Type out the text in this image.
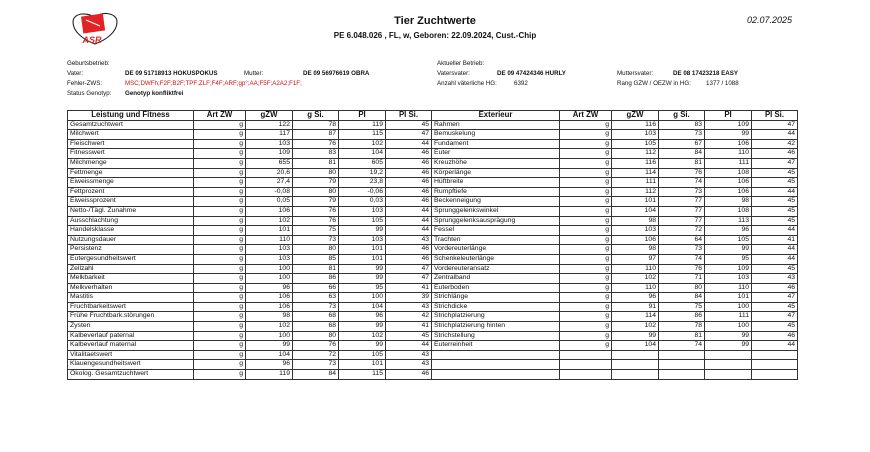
ASR
Tier Zuchtwerte
PE 6.048.026 , FL, w, Geboren: 22.09.2024, Cust.-Chip
02.07.2025
Geburtsbetrieb:	Aktueller Betrieb:
Vater:	DE 09 51718913 HOKUSPOKUS	Mutter:	DE 09 56976619 OBRA	Vatersvater:	DE 09 47424346 HURLY	Muttersvater:	DE 08 17423218 EASY
Fehler-ZWS:	MSC;DWFh;F2F;B2F;TPF;ZLF;F4F;ARF;gp°;AA;F5F;A2A2;F1F;	Anzahl väterliche HG:	6392	Rang GZW / OEZW in HG: 1377 / 1088
Status Genotyp: Genotyp konfliktfrei
Leistung und Fitness	Art ZW	gZW	g Si.	PI	PI Si.
Gesamtzuchtwert	g	122	78	119	45
Milchwert	g	117	87	115	47
Fleischwert	g	103	76	102	44
Fitnesswert	g	109	83	104	46
Milchmenge	g	655	81	605	46
Fettmenge	g	20,6	80	19,2	46
Eiweissmenge	g	27,4	79	23,8	46
Fettprozent	g	-0,08	80	-0,06	46
Eiweissprozent	g	0,05	79	0,03	46
Netto-/Tägl. Zunahme	g	106	76	103	44
Ausschlachtung	g	102	76	105	44
Handelsklasse	g	101	75	99	44
Nutzungsdauer	g	110	73	103	43
Persistenz	g	103	80	101	46
Eutergesundheitswert	g	103	85	101	46
Zellzahl	g	100	81	99	47
Melkbarkeit	g	100	86	99	47
Melkverhalten	g	96	66	95	41
Mastitis	g	106	63	100	39
Fruchtbarkeitswert	g	106	73	104	43
Frühe Fruchtbark.störungen	g	98	68	96	42
Zysten	g	102	68	99	41
Kalbeverlauf paternal	g	100	80	102	45
Kalbeverlauf maternal	g	99	76	99	44
Vitalitaetswert	g	104	72	105	43
Klauengesundheitswert	g	96	73	101	43
Ökolog. Gesamtzuchtwert	g	119	84	115	46
Exterieur	Art ZW	gZW	g Si.	PI	PI Si.
Rahmen	g	116	83	109	47
Bemuskelung	g	103	73	99	44
Fundament	g	105	67	106	42
Euter	g	112	84	110	46
Kreuzhöhe	g	116	81	111	47
Körperlänge	g	114	76	108	45
Hüftbreite	g	111	74	106	45
Rumpftiefe	g	112	73	106	44
Beckenneigung	g	101	77	98	45
Sprunggelenkswinkel	g	104	77	108	45
Sprunggelenksausprägung	g	98	77	113	45
Fessel	g	103	72	96	44
Trachten	g	106	64	105	41
Vordereuterlänge	g	98	73	99	44
Schenkeleuterlänge	g	97	74	95	44
Vordereuteransatz	g	110	76	109	45
Zentralband	g	102	71	103	43
Euterboden	g	110	80	110	46
Strichlänge	g	96	84	101	47
Strichdicke	g	91	75	100	45
Strichplatzierung	g	114	86	111	47
Strichplatzierung hinten	g	102	78	100	45
Strichstellung	g	99	81	99	46
Euterreinheit	g	104	74	99	44
